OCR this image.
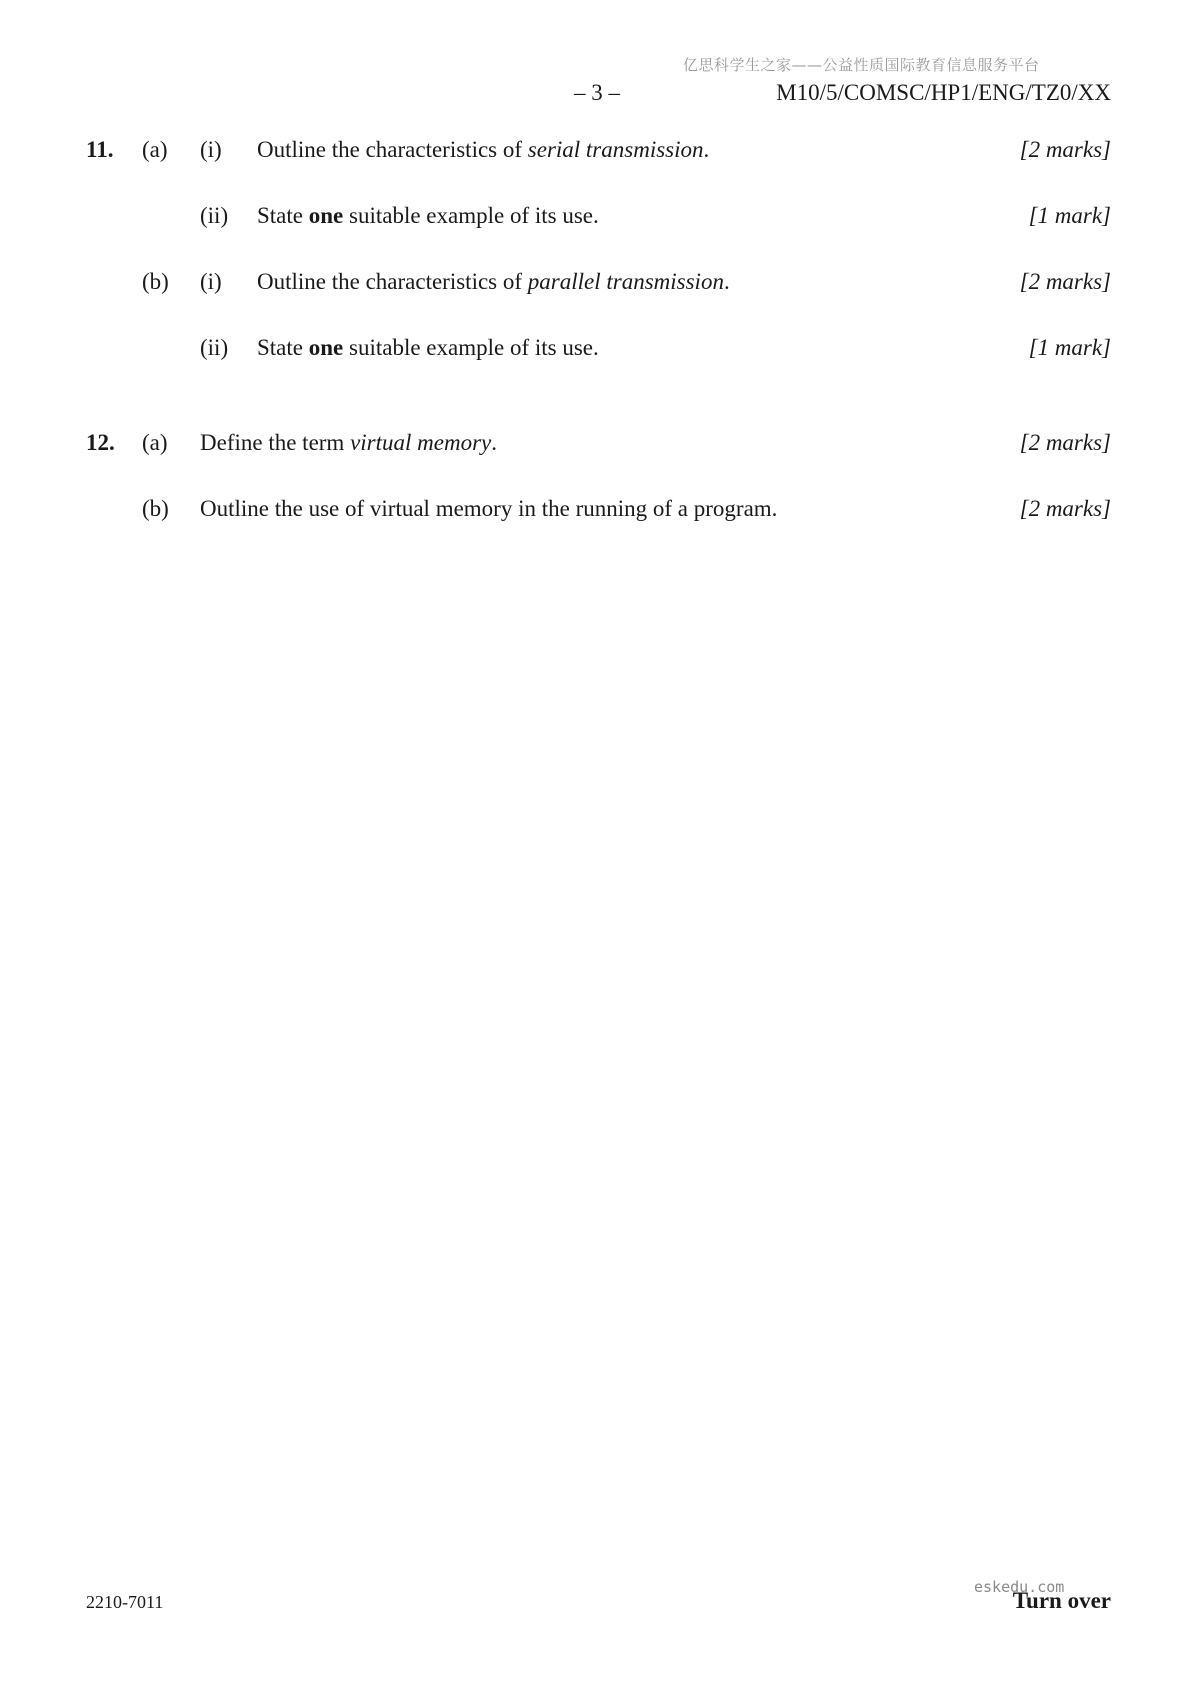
亿思科学生之家——公益性质国际教育信息服务平台
– 3 –	M10/5/COMSC/HP1/ENG/TZ0/XX
11. (a) (i) Outline the characteristics of serial transmission.	[2 marks]
(ii) State one suitable example of its use.	[1 mark]
(b) (i) Outline the characteristics of parallel transmission.	[2 marks]
(ii) State one suitable example of its use.	[1 mark]
12. (a) Define the term virtual memory.	[2 marks]
(b) Outline the use of virtual memory in the running of a program.	[2 marks]
2210-7011
eskedu.com
Turn over
